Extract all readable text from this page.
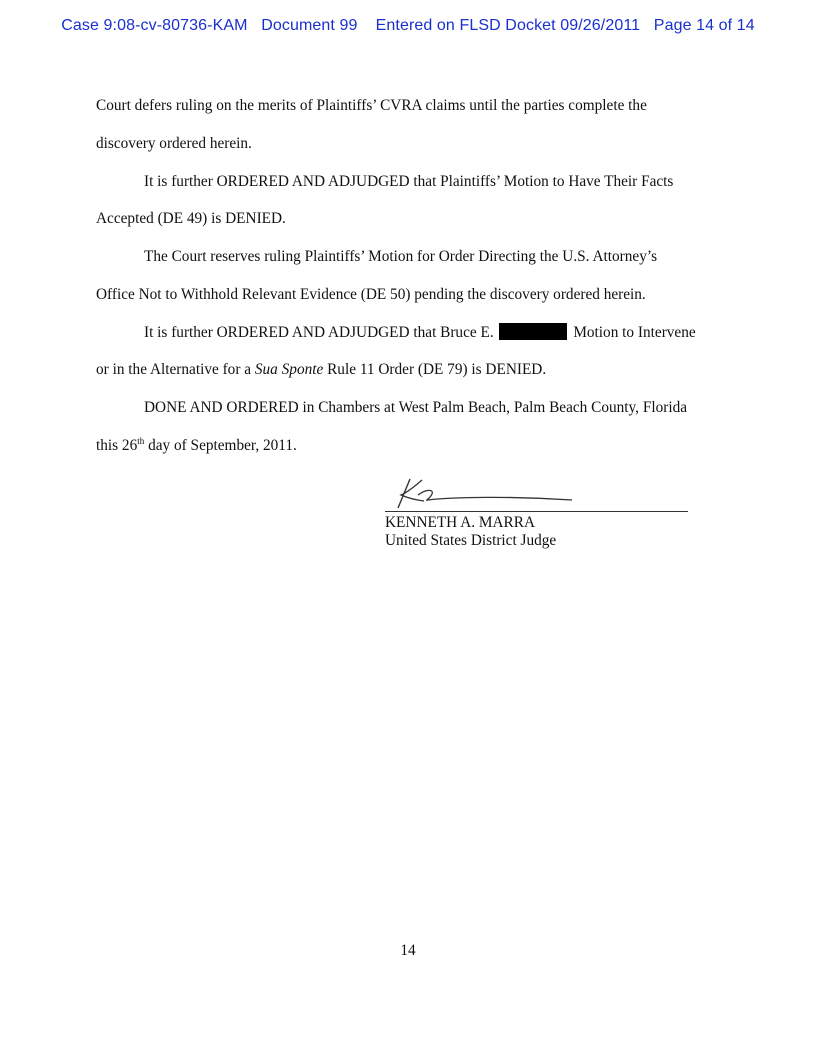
Case 9:08-cv-80736-KAM Document 99 Entered on FLSD Docket 09/26/2011 Page 14 of 14
Court defers ruling on the merits of Plaintiffs’ CVRA claims until the parties complete the
discovery ordered herein.
It is further ORDERED AND ADJUDGED that Plaintiffs’ Motion to Have Their Facts
Accepted (DE 49) is DENIED.
The Court reserves ruling Plaintiffs’ Motion for Order Directing the U.S. Attorney’s
Office Not to Withhold Relevant Evidence (DE 50) pending the discovery ordered herein.
It is further ORDERED AND ADJUDGED that Bruce E.	Motion to Intervene
or in the Alternative for a Sua Sponte Rule 11 Order (DE 79) is DENIED.
DONE AND ORDERED in Chambers at West Palm Beach, Palm Beach County, Florida
this 26th day of September, 2011.
KENNETH A. MARRA
United States District Judge
14
